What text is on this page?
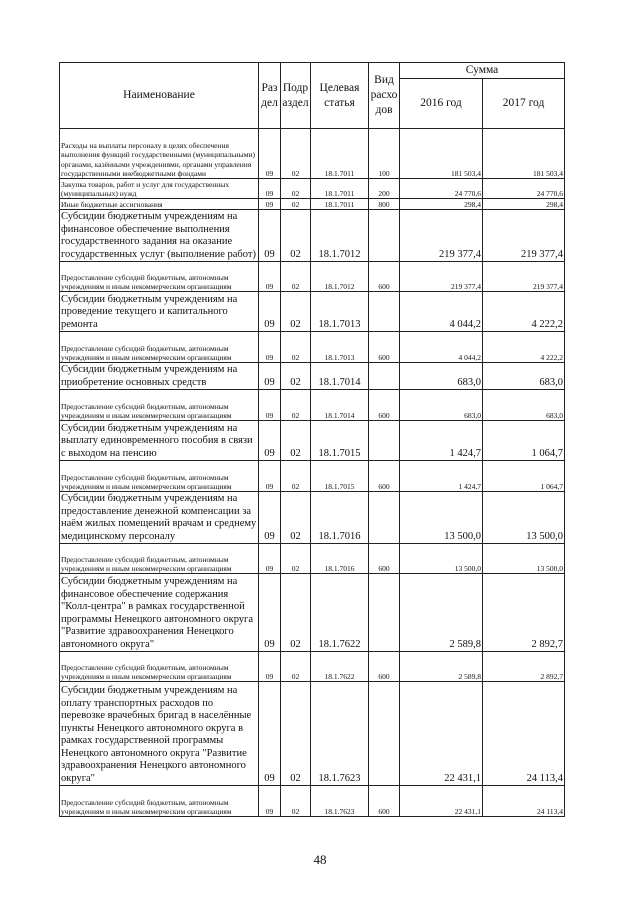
Наименование	Раз дел	Подр аздел	Целевая статья	Вид расхо дов	Сумма	
					2016 год	2017 год
Расходы на выплаты персоналу в целях обеспечения выполнения функций государственными (муниципальными) органами, казёнными учреждениями, органами управления государственными внебюджетными фондами	09	02	18.1.7011	100	181 503,4	181 503,4
Закупка товаров, работ и услуг для государственных (муниципальных) нужд	09	02	18.1.7011	200	24 770,6	24 770,6
Иные бюджетные ассигнования	09	02	18.1.7011	800	298,4	298,4
Субсидии бюджетным учреждениям на финансовое обеспечение выполнения государственного задания на оказание государственных услуг (выполнение работ)	09	02	18.1.7012		219 377,4	219 377,4
Предоставление субсидий бюджетным, автономным учреждениям и иным некоммерческим организациям	09	02	18.1.7012	600	219 377,4	219 377,4
Субсидии бюджетным учреждениям на проведение текущего и капитального ремонта	09	02	18.1.7013		4 044,2	4 222,2
Предоставление субсидий бюджетным, автономным учреждениям и иным некоммерческим организациям	09	02	18.1.7013	600	4 044,2	4 222,2
Субсидии бюджетным учреждениям на приобретение основных средств	09	02	18.1.7014		683,0	683,0
Предоставление субсидий бюджетным, автономным учреждениям и иным некоммерческим организациям	09	02	18.1.7014	600	683,0	683,0
Субсидии бюджетным учреждениям на выплату единовременного пособия в связи с выходом на пенсию	09	02	18.1.7015		1 424,7	1 064,7
Предоставление субсидий бюджетным, автономным учреждениям и иным некоммерческим организациям	09	02	18.1.7015	600	1 424,7	1 064,7
Субсидии бюджетным учреждениям на предоставление денежной компенсации за наём жилых помещений врачам и среднему медицинскому персоналу	09	02	18.1.7016		13 500,0	13 500,0
Предоставление субсидий бюджетным, автономным учреждениям и иным некоммерческим организациям	09	02	18.1.7016	600	13 500,0	13 500,0
Субсидии бюджетным учреждениям на финансовое обеспечение содержания "Колл-центра" в рамках государственной программы Ненецкого автономного округа "Развитие здравоохранения Ненецкого автономного округа"	09	02	18.1.7622		2 589,8	2 892,7
Предоставление субсидий бюджетным, автономным учреждениям и иным некоммерческим организациям	09	02	18.1.7622	600	2 589,8	2 892,7
Субсидии бюджетным учреждениям на оплату транспортных расходов по перевозке врачебных бригад в населённые пункты Ненецкого автономного округа в рамках государственной программы Ненецкого автономного округа "Развитие здравоохранения Ненецкого автономного округа"	09	02	18.1.7623		22 431,1	24 113,4
Предоставление субсидий бюджетным, автономным учреждениям и иным некоммерческим организациям	09	02	18.1.7623	600	22 431,1	24 113,4
48
